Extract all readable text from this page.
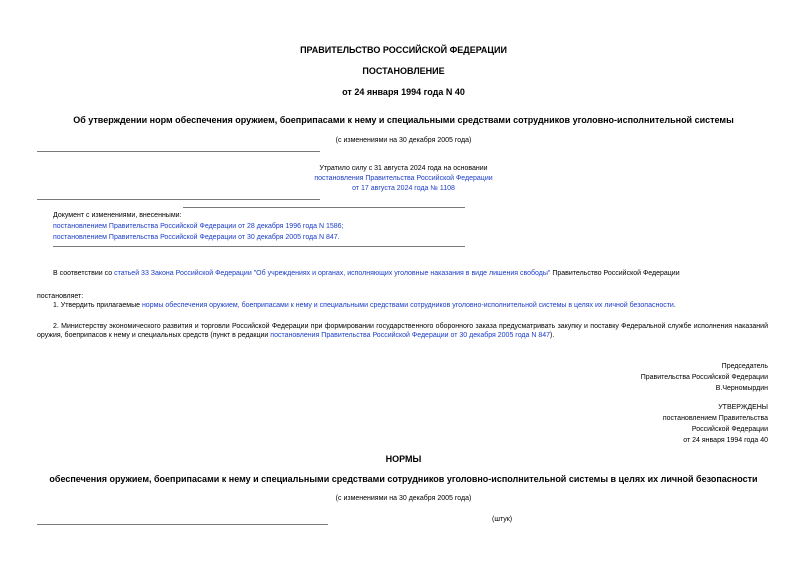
ПРАВИТЕЛЬСТВО РОССИЙСКОЙ ФЕДЕРАЦИИ
ПОСТАНОВЛЕНИЕ
от 24 января 1994 года N 40
Об утверждении норм обеспечения оружием, боеприпасами к нему и специальными средствами сотрудников уголовно-исполнительной системы
(с изменениями на 30 декабря 2005 года)
Утратило силу с 31 августа 2024 года на основании
постановления Правительства Российской Федерации
от 17 августа 2024 года № 1108
Документ с изменениями, внесенными:
постановлением Правительства Российской Федерации от 28 декабря 1996 года N 1586;
постановлением Правительства Российской Федерации от 30 декабря 2005 года N 847.
В соответствии со статьей 33 Закона Российской Федерации "Об учреждениях и органах, исполняющих уголовные наказания в виде лишения свободы" Правительство Российской Федерации
постановляет:
1. Утвердить прилагаемые нормы обеспечения оружием, боеприпасами к нему и специальными средствами сотрудников уголовно-исполнительной системы в целях их личной безопасности.
2. Министерству экономического развития и торговли Российской Федерации при формировании государственного оборонного заказа предусматривать закупку и поставку Федеральной службе исполнения наказаний оружия, боеприпасов к нему и специальных средств (пункт в редакции постановления Правительства Российской Федерации от 30 декабря 2005 года N 847).
Председатель
Правительства Российской Федерации
В.Черномырдин
УТВЕРЖДЕНЫ
постановлением Правительства
Российской Федерации
от 24 января 1994 года 40
НОРМЫ
обеспечения оружием, боеприпасами к нему и специальными средствами сотрудников уголовно-исполнительной системы в целях их личной безопасности
(с изменениями на 30 декабря 2005 года)
(штук)
